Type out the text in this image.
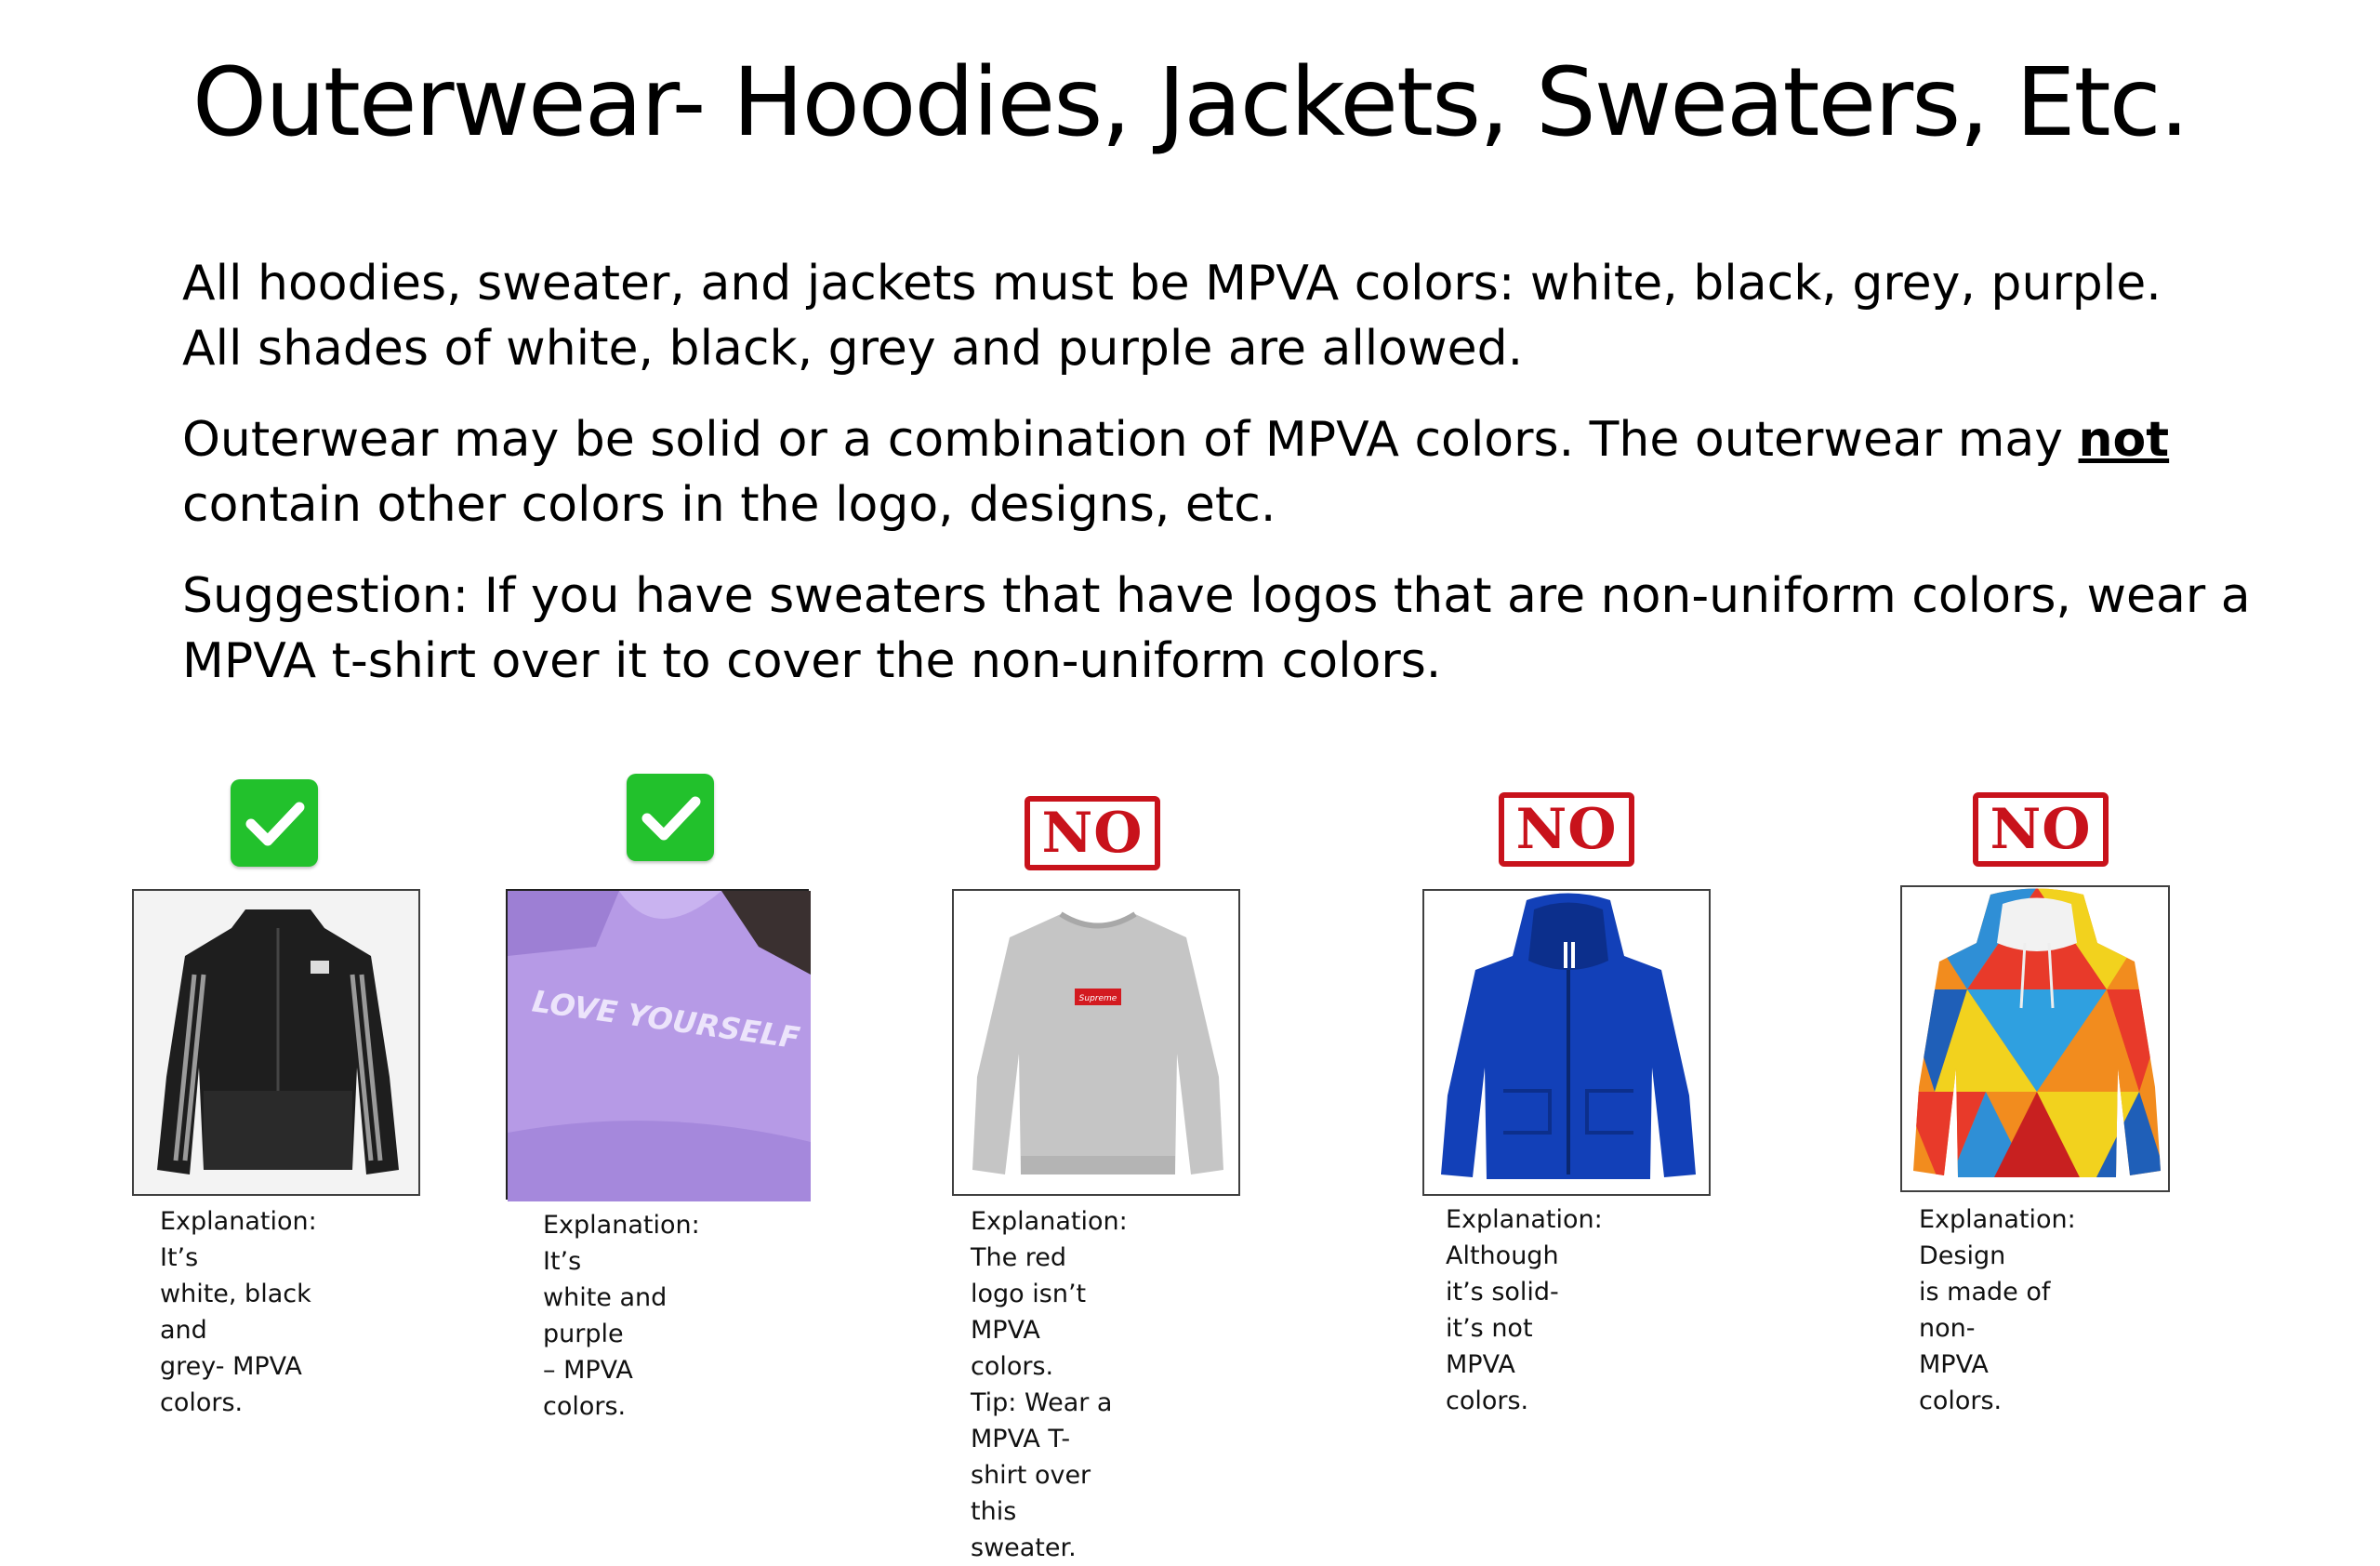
Outerwear- Hoodies, Jackets, Sweaters, Etc.

All hoodies, sweater, and jackets must be MPVA colors: white, black, grey, purple.
All shades of white, black, grey and purple are allowed.

Outerwear may be solid or a combination of MPVA colors. The outerwear may not
contain other colors in the logo, designs, etc.

Suggestion: If you have sweaters that have logos that are non-uniform colors, wear a MPVA t-shirt over it to cover the non-uniform colors.

Explanation: It’s
white, black and
grey- MPVA colors.
LOVE YOURSELF
Explanation: It’s
white and purple
– MPVA colors.
NO
Supreme
Explanation: The red
logo isn’t MPVA colors.
Tip: Wear a MPVA T-
shirt over this sweater.
NO
Explanation: Although
it’s solid- it’s not
MPVA colors.
NO
Explanation: Design
is made of non-
MPVA colors.
